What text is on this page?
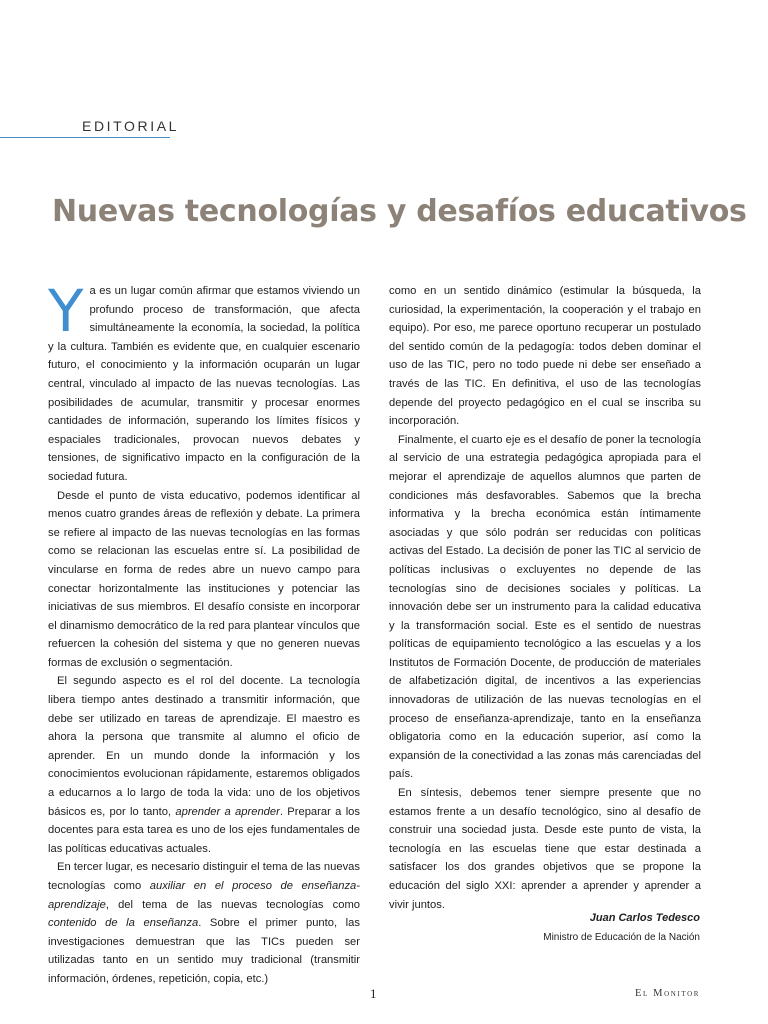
EDITORIAL
Nuevas tecnologías y desafíos educativos

Ya es un lugar común afirmar que estamos viviendo un profundo proceso de transformación, que afecta simultáneamente la economía, la sociedad, la política y la cultura. También es evidente que, en cualquier escenario futuro, el conocimiento y la información ocuparán un lugar central, vinculado al impacto de las nuevas tecnologías. Las posibilidades de acumular, transmitir y procesar enormes cantidades de información, superando los límites físicos y espaciales tradicionales, provocan nuevos debates y tensiones, de significativo impacto en la configuración de la sociedad futura.

Desde el punto de vista educativo, podemos identificar al menos cuatro grandes áreas de reflexión y debate. La primera se refiere al impacto de las nuevas tecnologías en las formas como se relacionan las escuelas entre sí. La posibilidad de vincularse en forma de redes abre un nuevo campo para conectar horizontalmente las instituciones y potenciar las iniciativas de sus miembros. El desafío consiste en incorporar el dinamismo democrático de la red para plantear vínculos que refuercen la cohesión del sistema y que no generen nuevas formas de exclusión o segmentación.

El segundo aspecto es el rol del docente. La tecnología libera tiempo antes destinado a transmitir información, que debe ser utilizado en tareas de aprendizaje. El maestro es ahora la persona que transmite al alumno el oficio de aprender. En un mundo donde la información y los conocimientos evolucionan rápidamente, estaremos obligados a educarnos a lo largo de toda la vida: uno de los objetivos básicos es, por lo tanto, aprender a aprender. Preparar a los docentes para esta tarea es uno de los ejes fundamentales de las políticas educativas actuales.

En tercer lugar, es necesario distinguir el tema de las nuevas tecnologías como auxiliar en el proceso de enseñanza-aprendizaje, del tema de las nuevas tecnologías como contenido de la enseñanza. Sobre el primer punto, las investigaciones demuestran que las TICs pueden ser utilizadas tanto en un sentido muy tradicional (transmitir información, órdenes, repetición, copia, etc.)

como en un sentido dinámico (estimular la búsqueda, la curiosidad, la experimentación, la cooperación y el trabajo en equipo). Por eso, me parece oportuno recuperar un postulado del sentido común de la pedagogía: todos deben dominar el uso de las TIC, pero no todo puede ni debe ser enseñado a través de las TIC. En definitiva, el uso de las tecnologías depende del proyecto pedagógico en el cual se inscriba su incorporación.

Finalmente, el cuarto eje es el desafío de poner la tecnología al servicio de una estrategia pedagógica apropiada para el mejorar el aprendizaje de aquellos alumnos que parten de condiciones más desfavorables. Sabemos que la brecha informativa y la brecha económica están íntimamente asociadas y que sólo podrán ser reducidas con políticas activas del Estado. La decisión de poner las TIC al servicio de políticas inclusivas o excluyentes no depende de las tecnologías sino de decisiones sociales y políticas. La innovación debe ser un instrumento para la calidad educativa y la transformación social. Este es el sentido de nuestras políticas de equipamiento tecnológico a las escuelas y a los Institutos de Formación Docente, de producción de materiales de alfabetización digital, de incentivos a las experiencias innovadoras de utilización de las nuevas tecnologías en el proceso de enseñanza-aprendizaje, tanto en la enseñanza obligatoria como en la educación superior, así como la expansión de la conectividad a las zonas más carenciadas del país.

En síntesis, debemos tener siempre presente que no estamos frente a un desafío tecnológico, sino al desafío de construir una sociedad justa. Desde este punto de vista, la tecnología en las escuelas tiene que estar destinada a satisfacer los dos grandes objetivos que se propone la educación del siglo XXI: aprender a aprender y aprender a vivir juntos.

Juan Carlos Tedesco
Ministro de Educación de la Nación
1	El Monitor
